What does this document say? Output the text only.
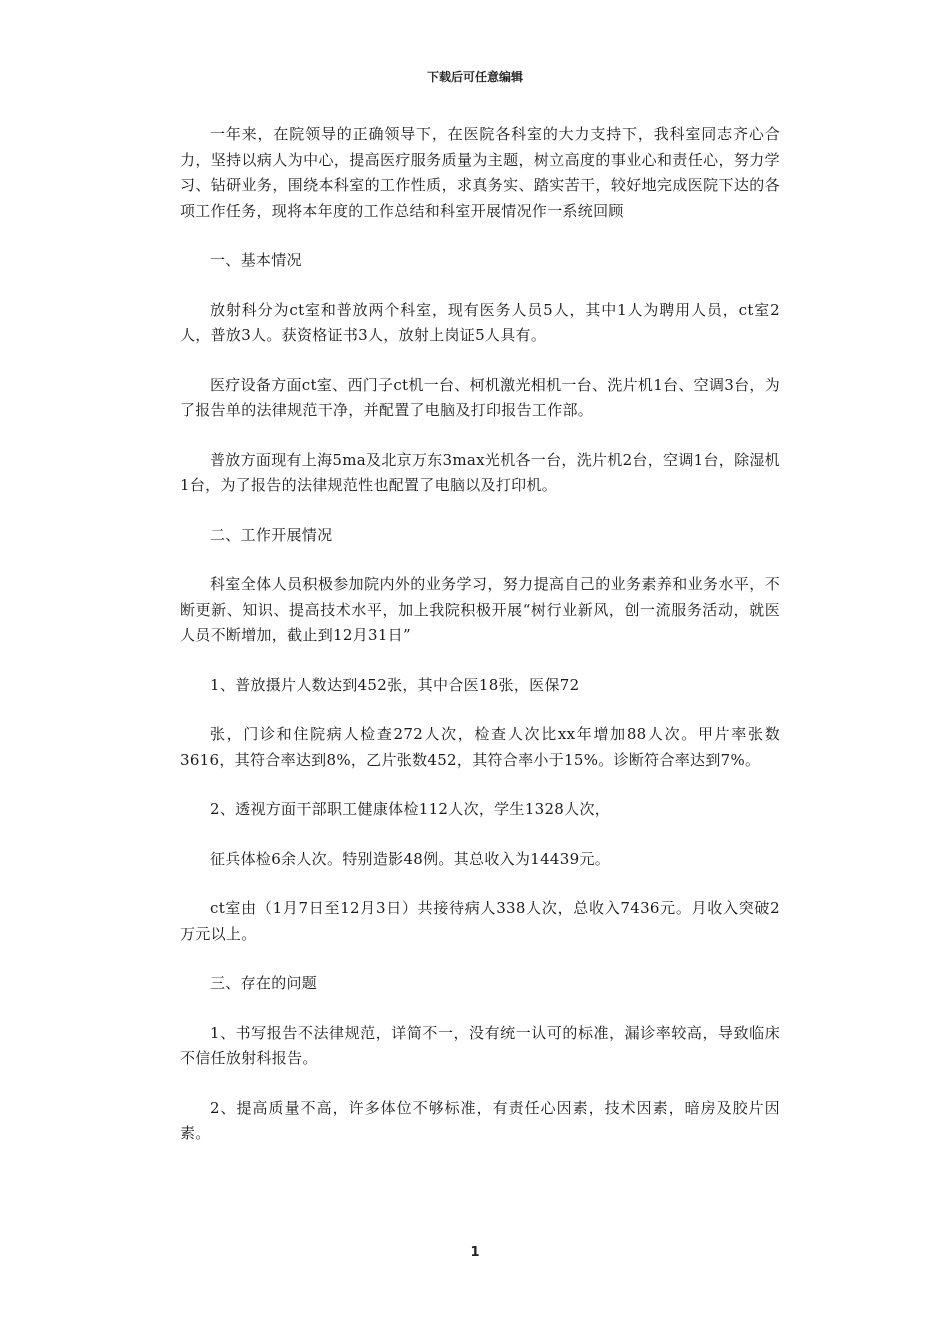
下载后可任意编辑

一年来，在院领导的正确领导下，在医院各科室的大力支持下，我科室同志齐心合力，坚持以病人为中心，提高医疗服务质量为主题，树立高度的事业心和责任心，努力学习、钻研业务，围绕本科室的工作性质，求真务实、踏实苦干，较好地完成医院下达的各项工作任务，现将本年度的工作总结和科室开展情况作一系统回顾

一、基本情况

放射科分为ct室和普放两个科室，现有医务人员5人，其中1人为聘用人员，ct室2人，普放3人。获资格证书3人，放射上岗证5人具有。

医疗设备方面ct室、西门子ct机一台、柯机激光相机一台、洗片机1台、空调3台，为了报告单的法律规范干净，并配置了电脑及打印报告工作部。

普放方面现有上海5ma及北京万东3max光机各一台，洗片机2台，空调1台，除湿机1台，为了报告的法律规范性也配置了电脑以及打印机。

二、工作开展情况

科室全体人员积极参加院内外的业务学习，努力提高自己的业务素养和业务水平，不断更新、知识、提高技术水平，加上我院积极开展“树行业新风，创一流服务活动，就医人员不断增加，截止到12月31日”

1、普放摄片人数达到452张，其中合医18张，医保72

张，门诊和住院病人检查272人次，检查人次比xx年增加88人次。甲片率张数3616，其符合率达到8%，乙片张数452，其符合率小于15%。诊断符合率达到7%。

2、透视方面干部职工健康体检112人次，学生1328人次，

征兵体检6余人次。特别造影48例。其总收入为14439元。

ct室由（1月7日至12月3日）共接待病人338人次，总收入7436元。月收入突破2万元以上。

三、存在的问题

1、书写报告不法律规范，详简不一，没有统一认可的标准，漏诊率较高，导致临床不信任放射科报告。

2、提高质量不高，许多体位不够标准，有责任心因素，技术因素，暗房及胶片因素。

1
